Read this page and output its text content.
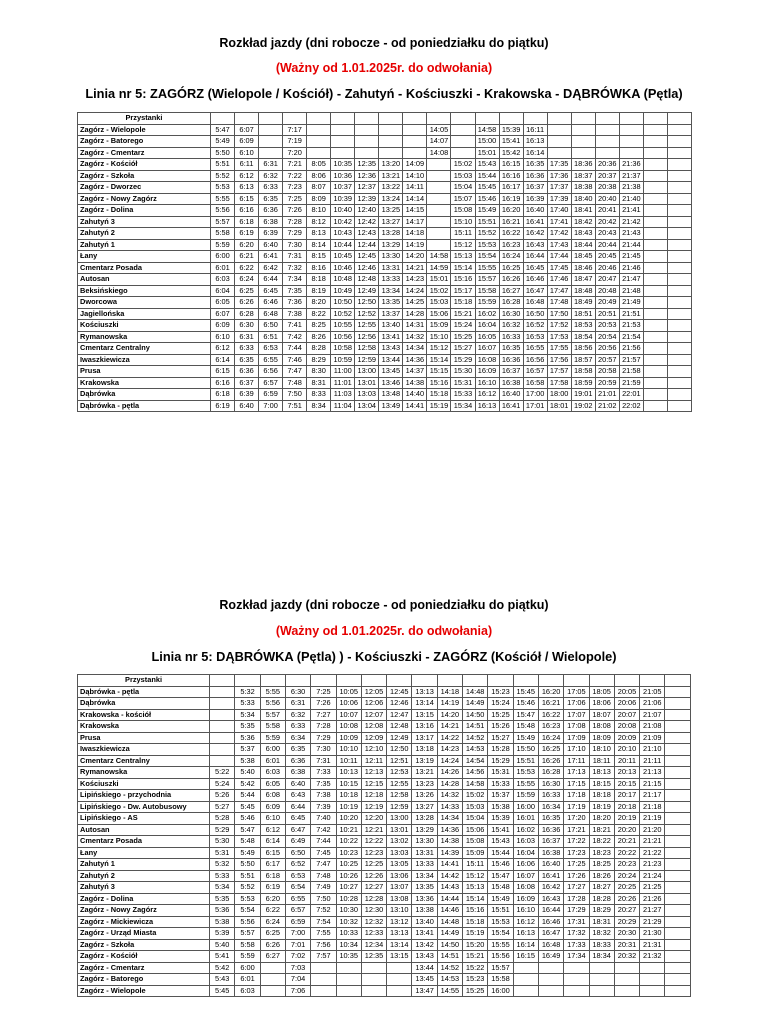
Rozkład jazdy (dni robocze - od poniedziałku do piątku)
(Ważny od 1.01.2025r. do odwołania)
Linia nr 5: ZAGÓRZ (Wielopole / Kościół) - Zahutyń - Kościuszki - Krakowska - DĄBRÓWKA (Pętla)
Przystanki																				
Zagórz - Wielopole	5:47	6:07		7:17						14:05		14:58	15:39	16:11						
Zagórz - Batorego	5:49	6:09		7:19						14:07		15:00	15:41	16:13						
Zagórz - Cmentarz	5:50	6:10		7:20						14:08		15:01	15:42	16:14						
Zagórz - Kościół	5:51	6:11	6:31	7:21	8:05	10:35	12:35	13:20	14:09		15:02	15:43	16:15	16:35	17:35	18:36	20:36	21:36		
Zagórz - Szkoła	5:52	6:12	6:32	7:22	8:06	10:36	12:36	13:21	14:10		15:03	15:44	16:16	16:36	17:36	18:37	20:37	21:37		
Zagórz - Dworzec	5:53	6:13	6:33	7:23	8:07	10:37	12:37	13:22	14:11		15:04	15:45	16:17	16:37	17:37	18:38	20:38	21:38		
Zagórz - Nowy Zagórz	5:55	6:15	6:35	7:25	8:09	10:39	12:39	13:24	14:14		15:07	15:46	16:19	16:39	17:39	18:40	20:40	21:40		
Zagórz - Dolina	5:56	6:16	6:36	7:26	8:10	10:40	12:40	13:25	14:15		15:08	15:49	16:20	16:40	17:40	18:41	20:41	21:41		
Zahutyń 3	5:57	6:18	6:38	7:28	8:12	10:42	12:42	13:27	14:17		15:10	15:51	16:21	16:41	17:41	18:42	20:42	21:42		
Zahutyń 2	5:58	6:19	6:39	7:29	8:13	10:43	12:43	13:28	14:18		15:11	15:52	16:22	16:42	17:42	18:43	20:43	21:43		
Zahutyń 1	5:59	6:20	6:40	7:30	8:14	10:44	12:44	13:29	14:19		15:12	15:53	16:23	16:43	17:43	18:44	20:44	21:44		
Łany	6:00	6:21	6:41	7:31	8:15	10:45	12:45	13:30	14:20	14:58	15:13	15:54	16:24	16:44	17:44	18:45	20:45	21:45		
Cmentarz Posada	6:01	6:22	6:42	7:32	8:16	10:46	12:46	13:31	14:21	14:59	15:14	15:55	16:25	16:45	17:45	18:46	20:46	21:46		
Autosan	6:03	6:24	6:44	7:34	8:18	10:48	12:48	13:33	14:23	15:01	15:16	15:57	16:26	16:46	17:46	18:47	20:47	21:47		
Beksińskiego	6:04	6:25	6:45	7:35	8:19	10:49	12:49	13:34	14:24	15:02	15:17	15:58	16:27	16:47	17:47	18:48	20:48	21:48		
Dworcowa	6:05	6:26	6:46	7:36	8:20	10:50	12:50	13:35	14:25	15:03	15:18	15:59	16:28	16:48	17:48	18:49	20:49	21:49		
Jagiellońska	6:07	6:28	6:48	7:38	8:22	10:52	12:52	13:37	14:28	15:06	15:21	16:02	16:30	16:50	17:50	18:51	20:51	21:51		
Kościuszki	6:09	6:30	6:50	7:41	8:25	10:55	12:55	13:40	14:31	15:09	15:24	16:04	16:32	16:52	17:52	18:53	20:53	21:53		
Rymanowska	6:10	6:31	6:51	7:42	8:26	10:56	12:56	13:41	14:32	15:10	15:25	16:05	16:33	16:53	17:53	18:54	20:54	21:54		
Cmentarz Centralny	6:12	6:33	6:53	7:44	8:28	10:58	12:58	13:43	14:34	15:12	15:27	16:07	16:35	16:55	17:55	18:56	20:56	21:56		
Iwaszkiewicza	6:14	6:35	6:55	7:46	8:29	10:59	12:59	13:44	14:36	15:14	15:29	16:08	16:36	16:56	17:56	18:57	20:57	21:57		
Prusa	6:15	6:36	6:56	7:47	8:30	11:00	13:00	13:45	14:37	15:15	15:30	16:09	16:37	16:57	17:57	18:58	20:58	21:58		
Krakowska	6:16	6:37	6:57	7:48	8:31	11:01	13:01	13:46	14:38	15:16	15:31	16:10	16:38	16:58	17:58	18:59	20:59	21:59		
Dąbrówka	6:18	6:39	6:59	7:50	8:33	11:03	13:03	13:48	14:40	15:18	15:33	16:12	16:40	17:00	18:00	19:01	21:01	22:01		
Dąbrówka - pętla	6:19	6:40	7:00	7:51	8:34	11:04	13:04	13:49	14:41	15:19	15:34	16:13	16:41	17:01	18:01	19:02	21:02	22:02		
Rozkład jazdy (dni robocze - od poniedziałku do piątku)
(Ważny od 1.01.2025r. do odwołania)
Linia nr 5: DĄBRÓWKA (Pętla) ) - Kościuszki - ZAGÓRZ (Kościół / Wielopole)
Przystanki																			
Dąbrówka - pętla		5:32	5:55	6:30	7:25	10:05	12:05	12:45	13:13	14:18	14:48	15:23	15:45	16:20	17:05	18:05	20:05	21:05	
Dąbrówka		5:33	5:56	6:31	7:26	10:06	12:06	12:46	13:14	14:19	14:49	15:24	15:46	16:21	17:06	18:06	20:06	21:06	
Krakowska - kościół		5:34	5:57	6:32	7:27	10:07	12:07	12:47	13:15	14:20	14:50	15:25	15:47	16:22	17:07	18:07	20:07	21:07	
Krakowska		5:35	5:58	6:33	7:28	10:08	12:08	12:48	13:16	14:21	14:51	15:26	15:48	16:23	17:08	18:08	20:08	21:08	
Prusa		5:36	5:59	6:34	7:29	10:09	12:09	12:49	13:17	14:22	14:52	15:27	15:49	16:24	17:09	18:09	20:09	21:09	
Iwaszkiewicza		5:37	6:00	6:35	7:30	10:10	12:10	12:50	13:18	14:23	14:53	15:28	15:50	16:25	17:10	18:10	20:10	21:10	
Cmentarz Centralny		5:38	6:01	6:36	7:31	10:11	12:11	12:51	13:19	14:24	14:54	15:29	15:51	16:26	17:11	18:11	20:11	21:11	
Rymanowska	5:22	5:40	6:03	6:38	7:33	10:13	12:13	12:53	13:21	14:26	14:56	15:31	15:53	16:28	17:13	18:13	20:13	21:13	
Kościuszki	5:24	5:42	6:05	6:40	7:35	10:15	12:15	12:55	13:23	14:28	14:58	15:33	15:55	16:30	17:15	18:15	20:15	21:15	
Lipińskiego - przychodnia	5:26	5:44	6:08	6:43	7:38	10:18	12:18	12:58	13:26	14:32	15:02	15:37	15:59	16:33	17:18	18:18	20:17	21:17	
Lipińskiego - Dw. Autobusowy	5:27	5:45	6:09	6:44	7:39	10:19	12:19	12:59	13:27	14:33	15:03	15:38	16:00	16:34	17:19	18:19	20:18	21:18	
Lipińskiego - AS	5:28	5:46	6:10	6:45	7:40	10:20	12:20	13:00	13:28	14:34	15:04	15:39	16:01	16:35	17:20	18:20	20:19	21:19	
Autosan	5:29	5:47	6:12	6:47	7:42	10:21	12:21	13:01	13:29	14:36	15:06	15:41	16:02	16:36	17:21	18:21	20:20	21:20	
Cmentarz Posada	5:30	5:48	6:14	6:49	7:44	10:22	12:22	13:02	13:30	14:38	15:08	15:43	16:03	16:37	17:22	18:22	20:21	21:21	
Łany	5:31	5:49	6:15	6:50	7:45	10:23	12:23	13:03	13:31	14:39	15:09	15:44	16:04	16:38	17:23	18:23	20:22	21:22	
Zahutyń 1	5:32	5:50	6:17	6:52	7:47	10:25	12:25	13:05	13:33	14:41	15:11	15:46	16:06	16:40	17:25	18:25	20:23	21:23	
Zahutyń 2	5:33	5:51	6:18	6:53	7:48	10:26	12:26	13:06	13:34	14:42	15:12	15:47	16:07	16:41	17:26	18:26	20:24	21:24	
Zahutyń 3	5:34	5:52	6:19	6:54	7:49	10:27	12:27	13:07	13:35	14:43	15:13	15:48	16:08	16:42	17:27	18:27	20:25	21:25	
Zagórz - Dolina	5:35	5:53	6:20	6:55	7:50	10:28	12:28	13:08	13:36	14:44	15:14	15:49	16:09	16:43	17:28	18:28	20:26	21:26	
Zagórz - Nowy Zagórz	5:36	5:54	6:22	6:57	7:52	10:30	12:30	13:10	13:38	14:46	15:16	15:51	16:10	16:44	17:29	18:29	20:27	21:27	
Zagórz - Mickiewicza	5:38	5:56	6:24	6:59	7:54	10:32	12:32	13:12	13:40	14:48	15:18	15:53	16:12	16:46	17:31	18:31	20:29	21:29	
Zagórz - Urząd Miasta	5:39	5:57	6:25	7:00	7:55	10:33	12:33	13:13	13:41	14:49	15:19	15:54	16:13	16:47	17:32	18:32	20:30	21:30	
Zagórz - Szkoła	5:40	5:58	6:26	7:01	7:56	10:34	12:34	13:14	13:42	14:50	15:20	15:55	16:14	16:48	17:33	18:33	20:31	21:31	
Zagórz - Kościół	5:41	5:59	6:27	7:02	7:57	10:35	12:35	13:15	13:43	14:51	15:21	15:56	16:15	16:49	17:34	18:34	20:32	21:32	
Zagórz - Cmentarz	5:42	6:00		7:03					13:44	14:52	15:22	15:57							
Zagórz - Batorego	5:43	6:01		7:04					13:45	14:53	15:23	15:58							
Zagórz - Wielopole	5:45	6:03		7:06					13:47	14:55	15:25	16:00							
